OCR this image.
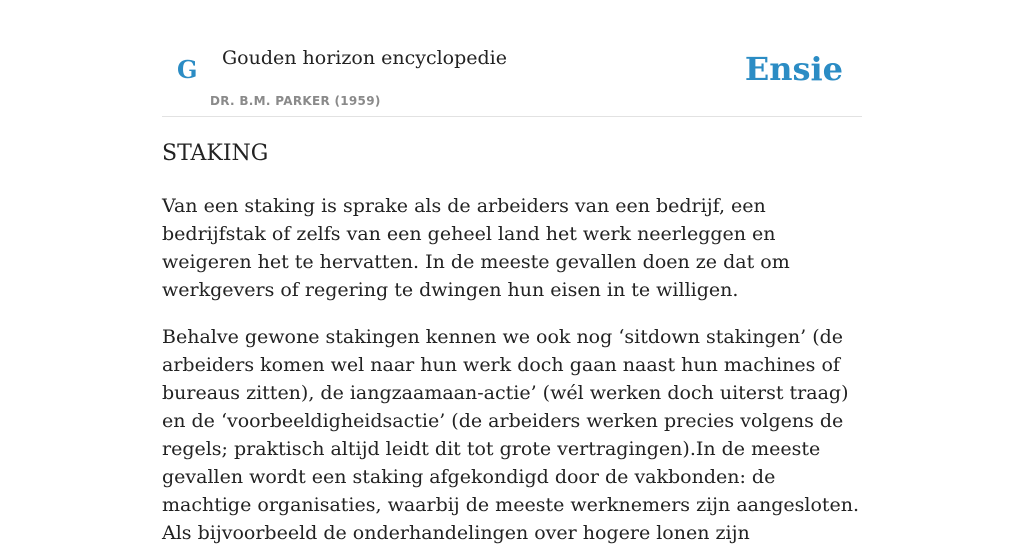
G Gouden horizon encyclopedie
DR. B.M. PARKER (1959)
Ensie
STAKING

Van een staking is sprake als de arbeiders van een bedrijf, een bedrijfstak of zelfs van een geheel land het werk neerleggen en weigeren het te hervatten. In de meeste gevallen doen ze dat om werkgevers of regering te dwingen hun eisen in te willigen.

Behalve gewone stakingen kennen we ook nog ‘sitdown stakingen’ (de arbeiders komen wel naar hun werk doch gaan naast hun machines of bureaus zitten), de iangzaamaan-actie’ (wél werken doch uiterst traag) en de ‘voorbeeldigheidsactie’ (de arbeiders werken precies volgens de regels; praktisch altijd leidt dit tot grote vertragingen).In de meeste gevallen wordt een staking afgekondigd door de vakbonden: de machtige organisaties, waarbij de meeste werknemers zijn aangesloten. Als bijvoorbeeld de onderhandelingen over hogere lonen zijn
